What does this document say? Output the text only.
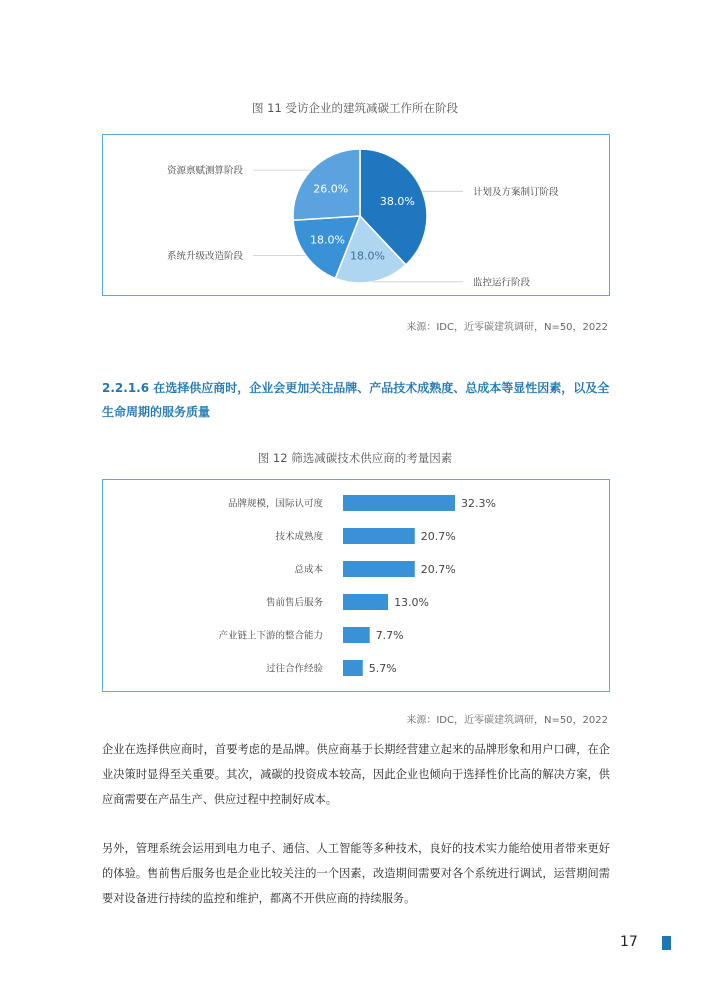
图 11 受访企业的建筑减碳工作所在阶段
38.0%
18.0%
18.0%
26.0%	计划及方案制订阶段
监控运行阶段
系统升级改造阶段
资源禀赋测算阶段
来源：IDC，近零碳建筑调研，N=50，2022
2.2.1.6 在选择供应商时，企业会更加关注品牌、产品技术成熟度、总成本等显性因素，以及全生命周期的服务质量
图 12 筛选减碳技术供应商的考量因素
品牌规模，国际认可度	32.3%
技术成熟度	20.7%
总成本	20.7%
售前售后服务	13.0%
产业链上下游的整合能力	7.7%
过往合作经验	5.7%
来源：IDC，近零碳建筑调研，N=50，2022
企业在选择供应商时，首要考虑的是品牌。供应商基于长期经营建立起来的品牌形象和用户口碑，在企业决策时显得至关重要。其次，减碳的投资成本较高，因此企业也倾向于选择性价比高的解决方案，供应商需要在产品生产、供应过程中控制好成本。
另外，管理系统会运用到电力电子、通信、人工智能等多种技术，良好的技术实力能给使用者带来更好的体验。售前售后服务也是企业比较关注的一个因素，改造期间需要对各个系统进行调试，运营期间需要对设备进行持续的监控和维护，都离不开供应商的持续服务。
17
